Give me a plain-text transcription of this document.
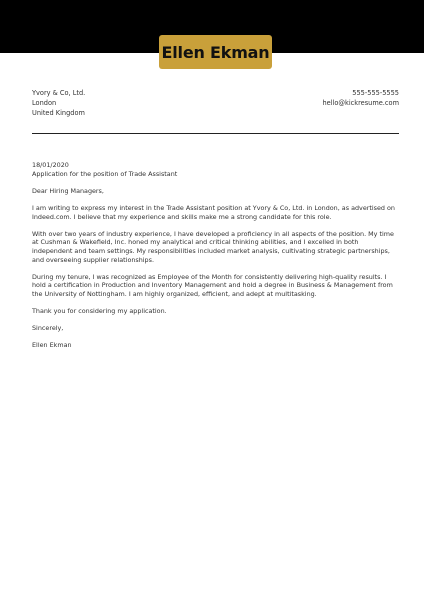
Ellen Ekman
Yvory & Co, Ltd.
London
United Kingdom
555-555-5555
hello@kickresume.com

18/01/2020

Application for the position of Trade Assistant

Dear Hiring Managers,

I am writing to express my interest in the Trade Assistant position at Yvory & Co, Ltd. in London, as advertised on Indeed.com. I believe that my experience and skills make me a strong candidate for this role.

With over two years of industry experience, I have developed a proficiency in all aspects of the position. My time at Cushman & Wakefield, Inc. honed my analytical and critical thinking abilities, and I excelled in both independent and team settings. My responsibilities included market analysis, cultivating strategic partnerships, and overseeing supplier relationships.

During my tenure, I was recognized as Employee of the Month for consistently delivering high-quality results. I hold a certification in Production and Inventory Management and hold a degree in Business & Management from the University of Nottingham. I am highly organized, efficient, and adept at multitasking.

Thank you for considering my application.

Sincerely,

Ellen Ekman
